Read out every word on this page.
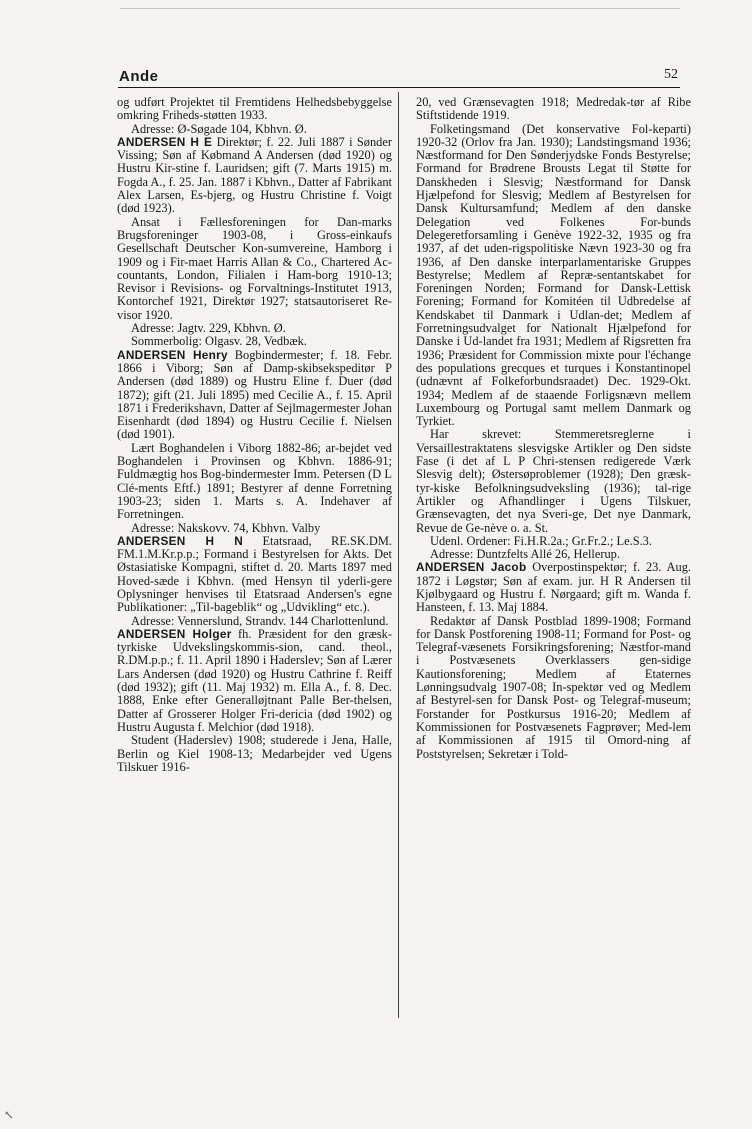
Ande	52

og udført Projektet til Fremtidens Helhedsbebyggelse omkring Friheds-støtten 1933.

Adresse: Ø-Søgade 104, Kbhvn. Ø.

ANDERSEN H E Direktør; f. 22. Juli 1887 i Sønder Vissing; Søn af Købmand A Andersen (død 1920) og Hustru Kir-stine f. Lauridsen; gift (7. Marts 1915) m. Fogda A., f. 25. Jan. 1887 i Kbhvn., Datter af Fabrikant Alex Larsen, Es-bjerg, og Hustru Christine f. Voigt (død 1923).

Ansat i Fællesforeningen for Dan-marks Brugsforeninger 1903-08, i Gross-einkaufs Gesellschaft Deutscher Kon-sumvereine, Hamborg i 1909 og i Fir-maet Harris Allan & Co., Chartered Ac-countants, London, Filialen i Ham-borg 1910-13; Revisor i Revisions- og Forvaltnings-Institutet 1913, Kontorchef 1921, Direktør 1927; statsautoriseret Re-visor 1920.

Adresse: Jagtv. 229, Kbhvn. Ø.

Sommerbolig: Olgasv. 28, Vedbæk.

ANDERSEN Henry Bogbindermester; f. 18. Febr. 1866 i Viborg; Søn af Damp-skibsekspeditør P Andersen (død 1889) og Hustru Eline f. Duer (død 1872); gift (21. Juli 1895) med Cecilie A., f. 15. April 1871 i Frederikshavn, Datter af Sejlmagermester Johan Eisenhardt (død 1894) og Hustru Cecilie f. Nielsen (død 1901).

Lært Boghandelen i Viborg 1882-86; ar-bejdet ved Boghandelen i Provinsen og Kbhvn. 1886-91; Fuldmægtig hos Bog-bindermester Imm. Petersen (D L Clé-ments Eftf.) 1891; Bestyrer af denne Forretning 1903-23; siden 1. Marts s. A. Indehaver af Forretningen.

Adresse: Nakskovv. 74, Kbhvn. Valby

ANDERSEN H N Etatsraad, RE.SK.DM. FM.1.M.Kr.p.p.; Formand i Bestyrelsen for Akts. Det Østasiatiske Kompagni, stiftet d. 20. Marts 1897 med Hoved-sæde i Kbhvn. (med Hensyn til yderli-gere Oplysninger henvises til Etatsraad Andersen's egne Publikationer: „Til-bageblik“ og „Udvikling“ etc.).

Adresse: Vennerslund, Strandv. 144 Charlottenlund.

ANDERSEN Holger fh. Præsident for den græsk-tyrkiske Udvekslingskommis-sion, cand. theol., R.DM.p.p.; f. 11. April 1890 i Haderslev; Søn af Lærer Lars Andersen (død 1920) og Hustru Cathrine f. Reiff (død 1932); gift (11. Maj 1932) m. Ella A., f. 8. Dec. 1888, Enke efter Generalløjtnant Palle Ber-thelsen, Datter af Grosserer Holger Fri-dericia (død 1902) og Hustru Augusta f. Melchior (død 1918).

Student (Haderslev) 1908; studerede i Jena, Halle, Berlin og Kiel 1908-13; Medarbejder ved Ugens Tilskuer 1916-

20, ved Grænsevagten 1918; Medredak-tør af Ribe Stiftstidende 1919.

Folketingsmand (Det konservative Fol-keparti) 1920-32 (Orlov fra Jan. 1930); Landstingsmand 1936; Næstformand for Den Sønderjydske Fonds Bestyrelse; Formand for Brødrene Brousts Legat til Støtte for Danskheden i Slesvig; Næstformand for Dansk Hjælpefond for Slesvig; Medlem af Bestyrelsen for Dansk Kultursamfund; Medlem af den danske Delegation ved Folkenes For-bunds Delegeretforsamling i Genève 1922-32, 1935 og fra 1937, af det uden-rigspolitiske Nævn 1923-30 og fra 1936, af Den danske interparlamentariske Gruppes Bestyrelse; Medlem af Repræ-sentantskabet for Foreningen Norden; Formand for Dansk-Lettisk Forening; Formand for Komitéen til Udbredelse af Kendskabet til Danmark i Udlan-det; Medlem af Forretningsudvalget for Nationalt Hjælpefond for Danske i Ud-landet fra 1931; Medlem af Rigsretten fra 1936; Præsident for Commission mixte pour l'échange des populations grecques et turques i Konstantinopel (udnævnt af Folkeforbundsraadet) Dec. 1929-Okt. 1934; Medlem af de staaende Forligsnævn mellem Luxembourg og Portugal samt mellem Danmark og Tyrkiet.

Har skrevet: Stemmeretsreglerne i Versaillestraktatens slesvigske Artikler og Den sidste Fase (i det af L P Chri-stensen redigerede Værk Slesvig delt); Østersøproblemer (1928); Den græsk-tyr-kiske Befolkningsudveksling (1936); tal-rige Artikler og Afhandlinger i Ugens Tilskuer, Grænsevagten, det nya Sveri-ge, Det nye Danmark, Revue de Ge-nève o. a. St.

Udenl. Ordener: Fi.H.R.2a.; Gr.Fr.2.; Le.S.3.

Adresse: Duntzfelts Allé 26, Hellerup.

ANDERSEN Jacob Overpostinspektør; f. 23. Aug. 1872 i Løgstør; Søn af exam. jur. H R Andersen til Kjølbygaard og Hustru f. Nørgaard; gift m. Wanda f. Hansteen, f. 13. Maj 1884.

Redaktør af Dansk Postblad 1899-1908; Formand for Dansk Postforening 1908-11; Formand for Post- og Telegraf-væsenets Forsikringsforening; Næstfor-mand i Postvæsenets Overklassers gen-sidige Kautionsforening; Medlem af Etaternes Lønningsudvalg 1907-08; In-spektør ved og Medlem af Bestyrel-sen for Dansk Post- og Telegraf-museum; Forstander for Postkursus 1916-20; Medlem af Kommissionen for Postvæsenets Fagprøver; Med-lem af Kommissionen af 1915 til Omord-ning af Poststyrelsen; Sekretær i Told-

↖
